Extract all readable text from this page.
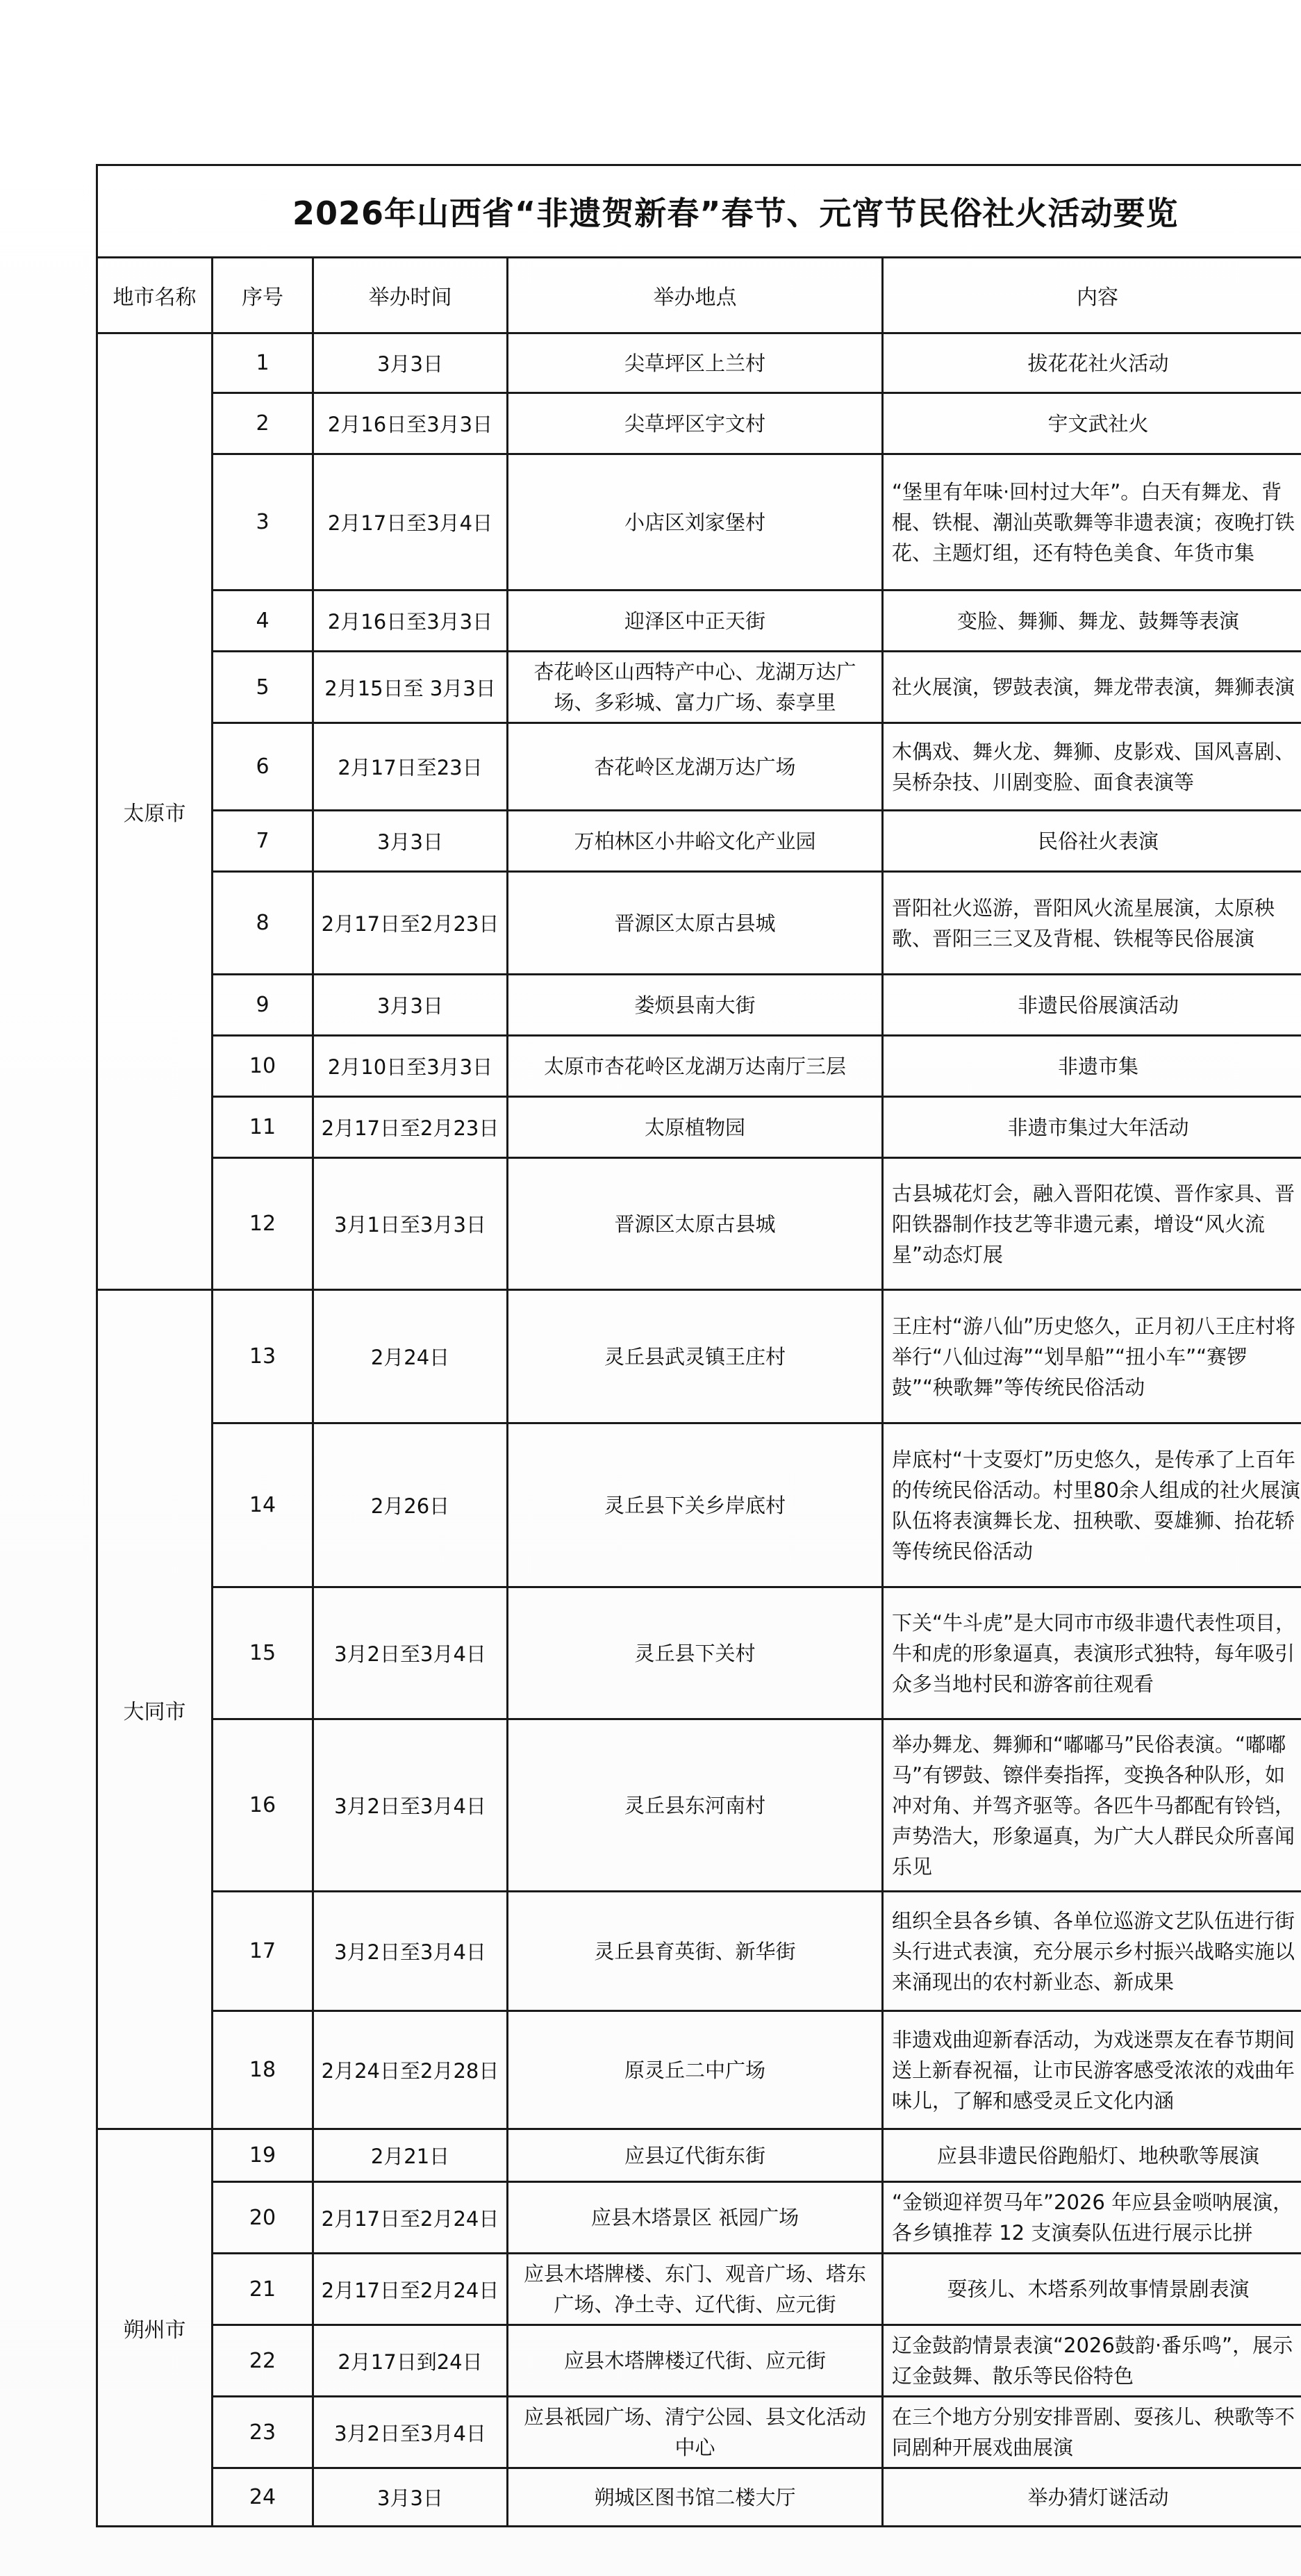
2026年山西省“非遗贺新春”春节、元宵节民俗社火活动要览				
地市名称	序号	举办时间	举办地点	内容
太原市	1	3月3日	尖草坪区上兰村	拔花花社火活动
	2	2月16日至3月3日	尖草坪区宇文村	宇文武社火
	3	2月17日至3月4日	小店区刘家堡村	“堡里有年味·回村过大年”。白天有舞龙、背棍、铁棍、潮汕英歌舞等非遗表演；夜晚打铁花、主题灯组，还有特色美食、年货市集
	4	2月16日至3月3日	迎泽区中正天街	变脸、舞狮、舞龙、鼓舞等表演
	5	2月15日至 3月3日	杏花岭区山西特产中心、龙湖万达广场、多彩城、富力广场、泰享里	社火展演，锣鼓表演，舞龙带表演，舞狮表演
	6	2月17日至23日	杏花岭区龙湖万达广场	木偶戏、舞火龙、舞狮、皮影戏、国风喜剧、吴桥杂技、川剧变脸、面食表演等
	7	3月3日	万柏林区小井峪文化产业园	民俗社火表演
	8	2月17日至2月23日	晋源区太原古县城	晋阳社火巡游，晋阳风火流星展演，太原秧歌、晋阳三三叉及背棍、铁棍等民俗展演
	9	3月3日	娄烦县南大街	非遗民俗展演活动
	10	2月10日至3月3日	太原市杏花岭区龙湖万达南厅三层	非遗市集
	11	2月17日至2月23日	太原植物园	非遗市集过大年活动
	12	3月1日至3月3日	晋源区太原古县城	古县城花灯会，融入晋阳花馍、晋作家具、晋阳铁器制作技艺等非遗元素，增设“风火流星”动态灯展
大同市	13	2月24日	灵丘县武灵镇王庄村	王庄村“游八仙”历史悠久，正月初八王庄村将举行“八仙过海”“划旱船”“扭小车”“赛锣鼓”“秧歌舞”等传统民俗活动
	14	2月26日	灵丘县下关乡岸底村	岸底村“十支耍灯”历史悠久，是传承了上百年的传统民俗活动。村里80余人组成的社火展演队伍将表演舞长龙、扭秧歌、耍雄狮、抬花轿等传统民俗活动
	15	3月2日至3月4日	灵丘县下关村	下关“牛斗虎”是大同市市级非遗代表性项目，牛和虎的形象逼真，表演形式独特，每年吸引众多当地村民和游客前往观看
	16	3月2日至3月4日	灵丘县东河南村	举办舞龙、舞狮和“嘟嘟马”民俗表演。“嘟嘟马”有锣鼓、镲伴奏指挥，变换各种队形，如冲对角、并驾齐驱等。各匹牛马都配有铃铛，声势浩大，形象逼真，为广大人群民众所喜闻乐见
	17	3月2日至3月4日	灵丘县育英街、新华街	组织全县各乡镇、各单位巡游文艺队伍进行街头行进式表演，充分展示乡村振兴战略实施以来涌现出的农村新业态、新成果
	18	2月24日至2月28日	原灵丘二中广场	非遗戏曲迎新春活动，为戏迷票友在春节期间送上新春祝福，让市民游客感受浓浓的戏曲年味儿，了解和感受灵丘文化内涵
朔州市	19	2月21日	应县辽代街东街	应县非遗民俗跑船灯、地秧歌等展演
	20	2月17日至2月24日	应县木塔景区 祇园广场	“金锁迎祥贺马年”2026 年应县金唢呐展演，各乡镇推荐 12 支演奏队伍进行展示比拼
	21	2月17日至2月24日	应县木塔牌楼、东门、观音广场、塔东广场、净土寺、辽代街、应元街	耍孩儿、木塔系列故事情景剧表演
	22	2月17日到24日	应县木塔牌楼辽代街、应元街	辽金鼓韵情景表演“2026鼓韵·番乐鸣”，展示辽金鼓舞、散乐等民俗特色
	23	3月2日至3月4日	应县祇园广场、清宁公园、县文化活动中心	在三个地方分别安排晋剧、耍孩儿、秧歌等不同剧种开展戏曲展演
	24	3月3日	朔城区图书馆二楼大厅	举办猜灯谜活动
